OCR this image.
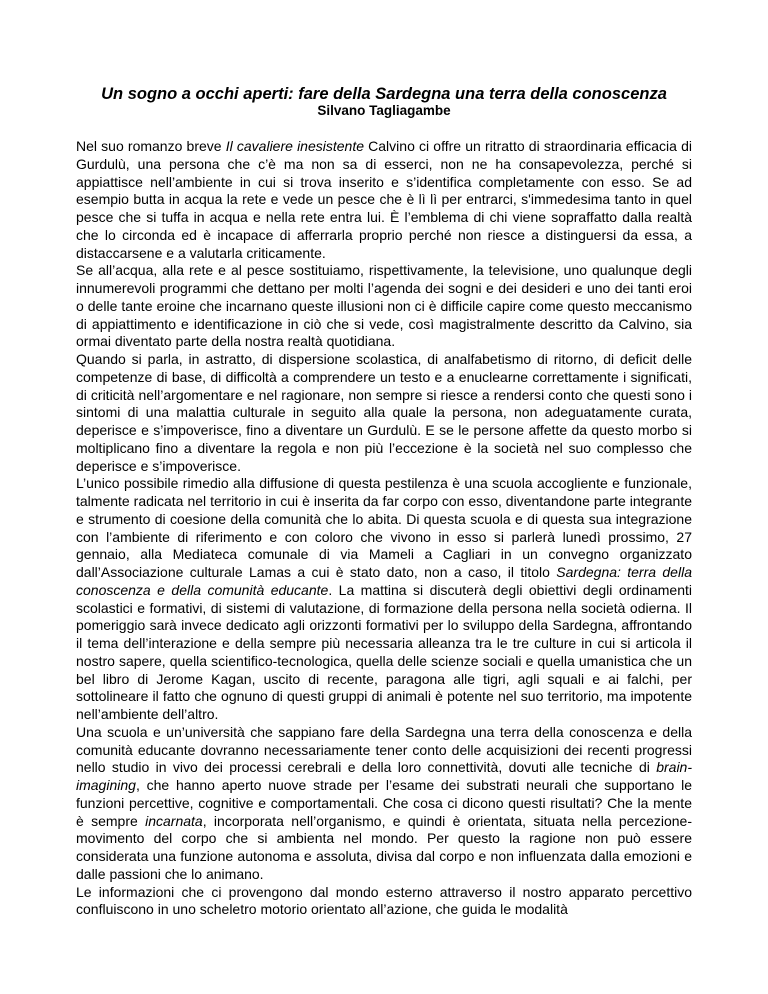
Un sogno a occhi aperti: fare della Sardegna una terra della conoscenza
Silvano Tagliagambe

Nel suo romanzo breve Il cavaliere inesistente Calvino ci offre un ritratto di straordinaria efficacia di Gurdulù, una persona che c’è ma non sa di esserci, non ne ha consapevolezza, perché si appiattisce nell’ambiente in cui si trova inserito e s’identifica completamente con esso. Se ad esempio butta in acqua la rete e vede un pesce che è lì lì per entrarci, s'immedesima tanto in quel pesce che si tuffa in acqua e nella rete entra lui. È l’emblema di chi viene sopraffatto dalla realtà che lo circonda ed è incapace di afferrarla proprio perché non riesce a distinguersi da essa, a distaccarsene e a valutarla criticamente.

Se all’acqua, alla rete e al pesce sostituiamo, rispettivamente, la televisione, uno qualunque degli innumerevoli programmi che dettano per molti l’agenda dei sogni e dei desideri e uno dei tanti eroi o delle tante eroine che incarnano queste illusioni non ci è difficile capire come questo meccanismo di appiattimento e identificazione in ciò che si vede, così magistralmente descritto da Calvino, sia ormai diventato parte della nostra realtà quotidiana.

Quando si parla, in astratto, di dispersione scolastica, di analfabetismo di ritorno, di deficit delle competenze di base, di difficoltà a comprendere un testo e a enuclearne correttamente i significati, di criticità nell’argomentare e nel ragionare, non sempre si riesce a rendersi conto che questi sono i sintomi di una malattia culturale in seguito alla quale la persona, non adeguatamente curata, deperisce e s’impoverisce, fino a diventare un Gurdulù. E se le persone affette da questo morbo si moltiplicano fino a diventare la regola e non più l’eccezione è la società nel suo complesso che deperisce e s’impoverisce.

L’unico possibile rimedio alla diffusione di questa pestilenza è una scuola accogliente e funzionale, talmente radicata nel territorio in cui è inserita da far corpo con esso, diventandone parte integrante e strumento di coesione della comunità che lo abita. Di questa scuola e di questa sua integrazione con l’ambiente di riferimento e con coloro che vivono in esso si parlerà lunedì prossimo, 27 gennaio, alla Mediateca comunale di via Mameli a Cagliari in un convegno organizzato dall’Associazione culturale Lamas a cui è stato dato, non a caso, il titolo Sardegna: terra della conoscenza e della comunità educante. La mattina si discuterà degli obiettivi degli ordinamenti scolastici e formativi, di sistemi di valutazione, di formazione della persona nella società odierna. Il pomeriggio sarà invece dedicato agli orizzonti formativi per lo sviluppo della Sardegna, affrontando il tema dell’interazione e della sempre più necessaria alleanza tra le tre culture in cui si articola il nostro sapere, quella scientifico-tecnologica, quella delle scienze sociali e quella umanistica che un bel libro di Jerome Kagan, uscito di recente, paragona alle tigri, agli squali e ai falchi, per sottolineare il fatto che ognuno di questi gruppi di animali è potente nel suo territorio, ma impotente nell’ambiente dell’altro.

Una scuola e un’università che sappiano fare della Sardegna una terra della conoscenza e della comunità educante dovranno necessariamente tener conto delle acquisizioni dei recenti progressi nello studio in vivo dei processi cerebrali e della loro connettività, dovuti alle tecniche di brain-imagining, che hanno aperto nuove strade per l’esame dei substrati neurali che supportano le funzioni percettive, cognitive e comportamentali. Che cosa ci dicono questi risultati? Che la mente è sempre incarnata, incorporata nell’organismo, e quindi è orientata, situata nella percezione-movimento del corpo che si ambienta nel mondo. Per questo la ragione non può essere considerata una funzione autonoma e assoluta, divisa dal corpo e non influenzata dalla emozioni e dalle passioni che lo animano.

Le informazioni che ci provengono dal mondo esterno attraverso il nostro apparato percettivo confluiscono in uno scheletro motorio orientato all’azione, che guida le modalità
